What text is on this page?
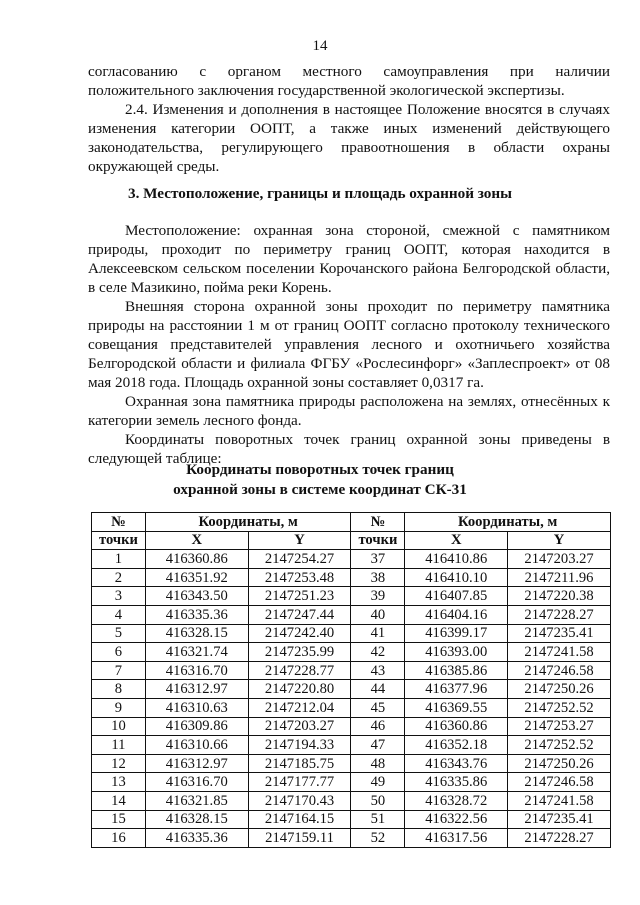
14

согласованию с органом местного самоуправления при наличии положительного заключения государственной экологической экспертизы.

2.4. Изменения и дополнения в настоящее Положение вносятся в случаях изменения категории ООПТ, а также иных изменений действующего законодательства, регулирующего правоотношения в области охраны окружающей среды.

3. Местоположение, границы и площадь охранной зоны

Местоположение: охранная зона стороной, смежной с памятником природы, проходит по периметру границ ООПТ, которая находится в Алексеевском сельском поселении Корочанского района Белгородской области, в селе Мазикино, пойма реки Корень.

Внешняя сторона охранной зоны проходит по периметру памятника природы на расстоянии 1 м от границ ООПТ согласно протоколу технического совещания представителей управления лесного и охотничьего хозяйства Белгородской области и филиала ФГБУ «Рослесинфорг» «Заплеспроект» от 08 мая 2018 года. Площадь охранной зоны составляет 0,0317 га.

Охранная зона памятника природы расположена на землях, отнесённых к категории земель лесного фонда.

Координаты поворотных точек границ охранной зоны приведены в следующей таблице:

Координаты поворотных точек границ
охранной зоны в системе координат СК-31
№	Координаты, м		№	Координаты, м	
точки	X	Y	точки	X	Y
1	416360.86	2147254.27	37	416410.86	2147203.27
2	416351.92	2147253.48	38	416410.10	2147211.96
3	416343.50	2147251.23	39	416407.85	2147220.38
4	416335.36	2147247.44	40	416404.16	2147228.27
5	416328.15	2147242.40	41	416399.17	2147235.41
6	416321.74	2147235.99	42	416393.00	2147241.58
7	416316.70	2147228.77	43	416385.86	2147246.58
8	416312.97	2147220.80	44	416377.96	2147250.26
9	416310.63	2147212.04	45	416369.55	2147252.52
10	416309.86	2147203.27	46	416360.86	2147253.27
11	416310.66	2147194.33	47	416352.18	2147252.52
12	416312.97	2147185.75	48	416343.76	2147250.26
13	416316.70	2147177.77	49	416335.86	2147246.58
14	416321.85	2147170.43	50	416328.72	2147241.58
15	416328.15	2147164.15	51	416322.56	2147235.41
16	416335.36	2147159.11	52	416317.56	2147228.27
